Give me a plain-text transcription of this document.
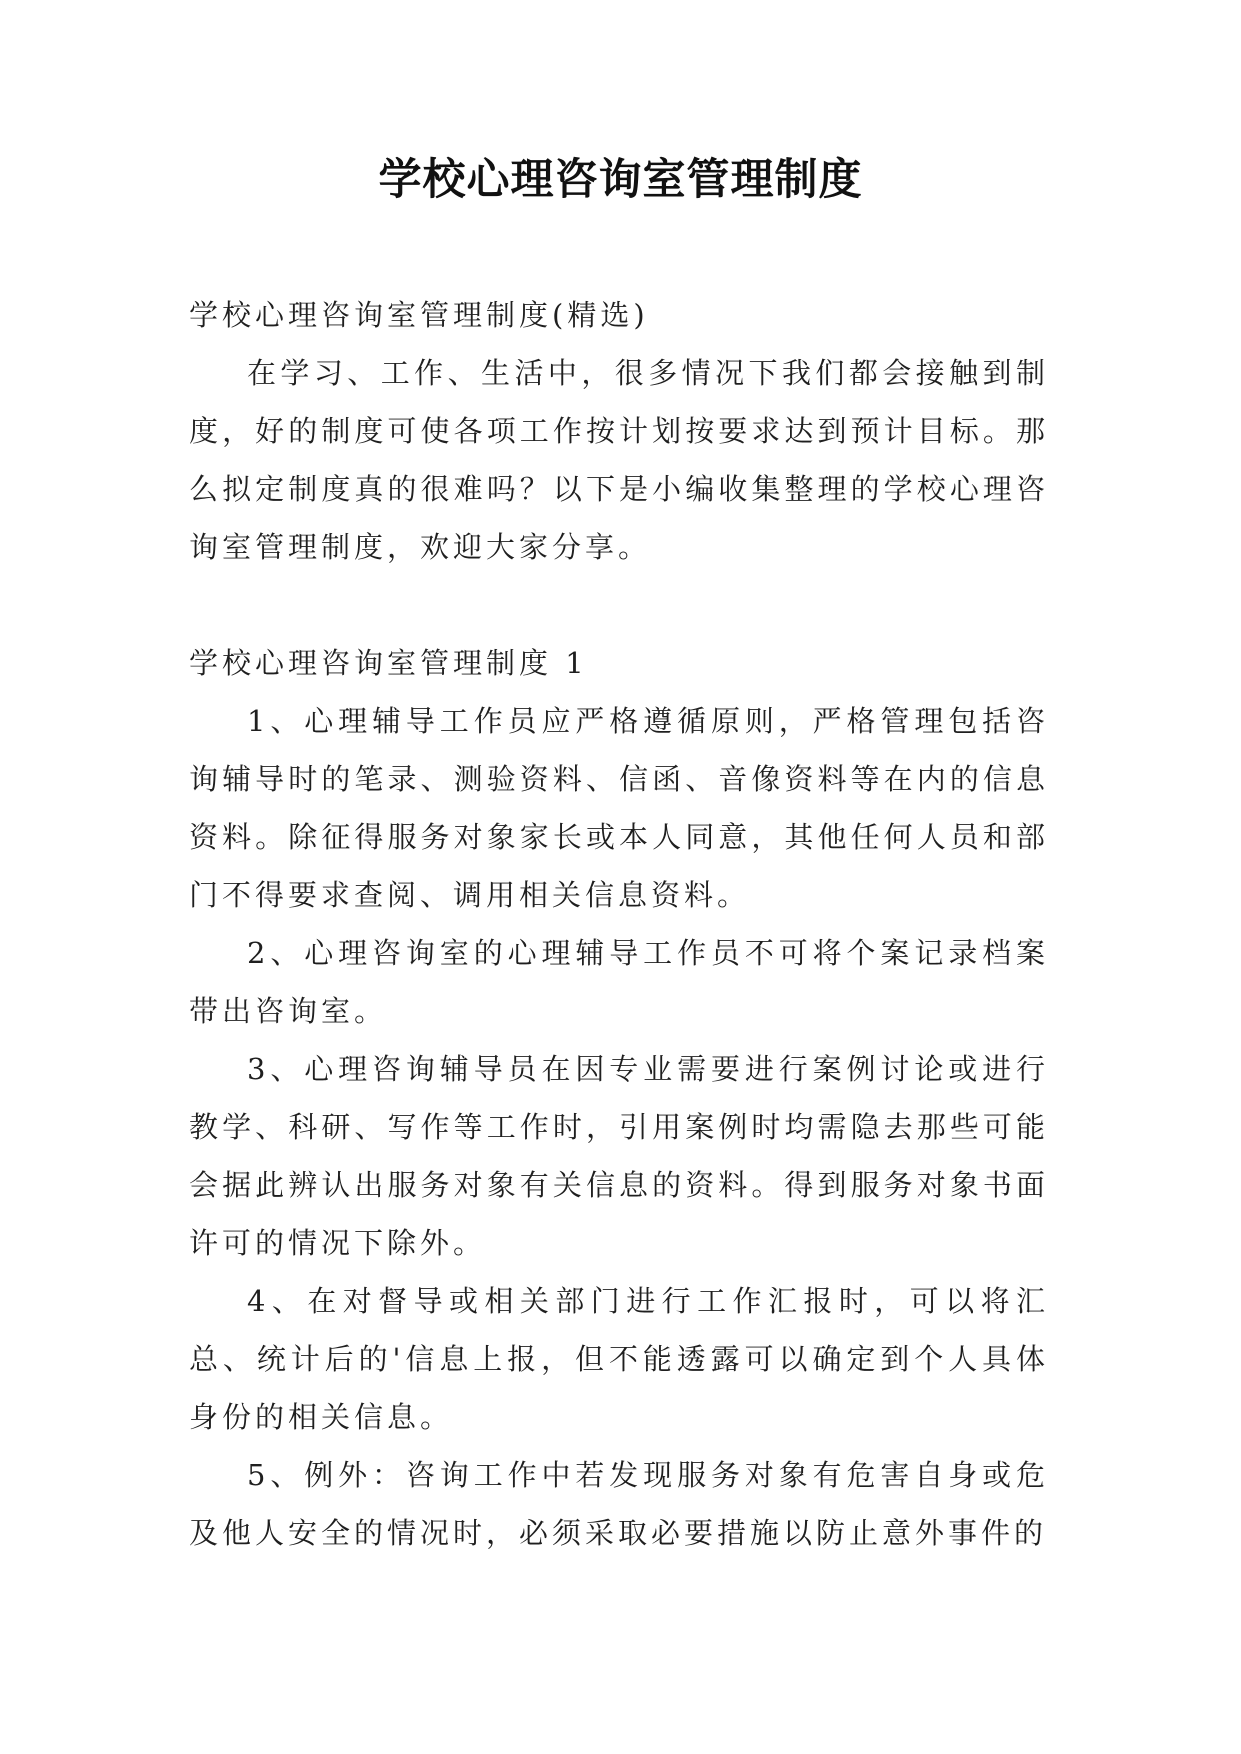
学校心理咨询室管理制度

学校心理咨询室管理制度(精选)

在学习、工作、生活中，很多情况下我们都会接触到制度，好的制度可使各项工作按计划按要求达到预计目标。那么拟定制度真的很难吗？以下是小编收集整理的学校心理咨询室管理制度，欢迎大家分享。

学校心理咨询室管理制度 1

1、心理辅导工作员应严格遵循原则，严格管理包括咨询辅导时的笔录、测验资料、信函、音像资料等在内的信息资料。除征得服务对象家长或本人同意，其他任何人员和部门不得要求查阅、调用相关信息资料。

2、心理咨询室的心理辅导工作员不可将个案记录档案带出咨询室。

3、心理咨询辅导员在因专业需要进行案例讨论或进行教学、科研、写作等工作时，引用案例时均需隐去那些可能会据此辨认出服务对象有关信息的资料。得到服务对象书面许可的情况下除外。

4、在对督导或相关部门进行工作汇报时，可以将汇总、统计后的'信息上报，但不能透露可以确定到个人具体身份的相关信息。

5、例外：咨询工作中若发现服务对象有危害自身或危及他人安全的情况时，必须采取必要措施以防止意外事件的
